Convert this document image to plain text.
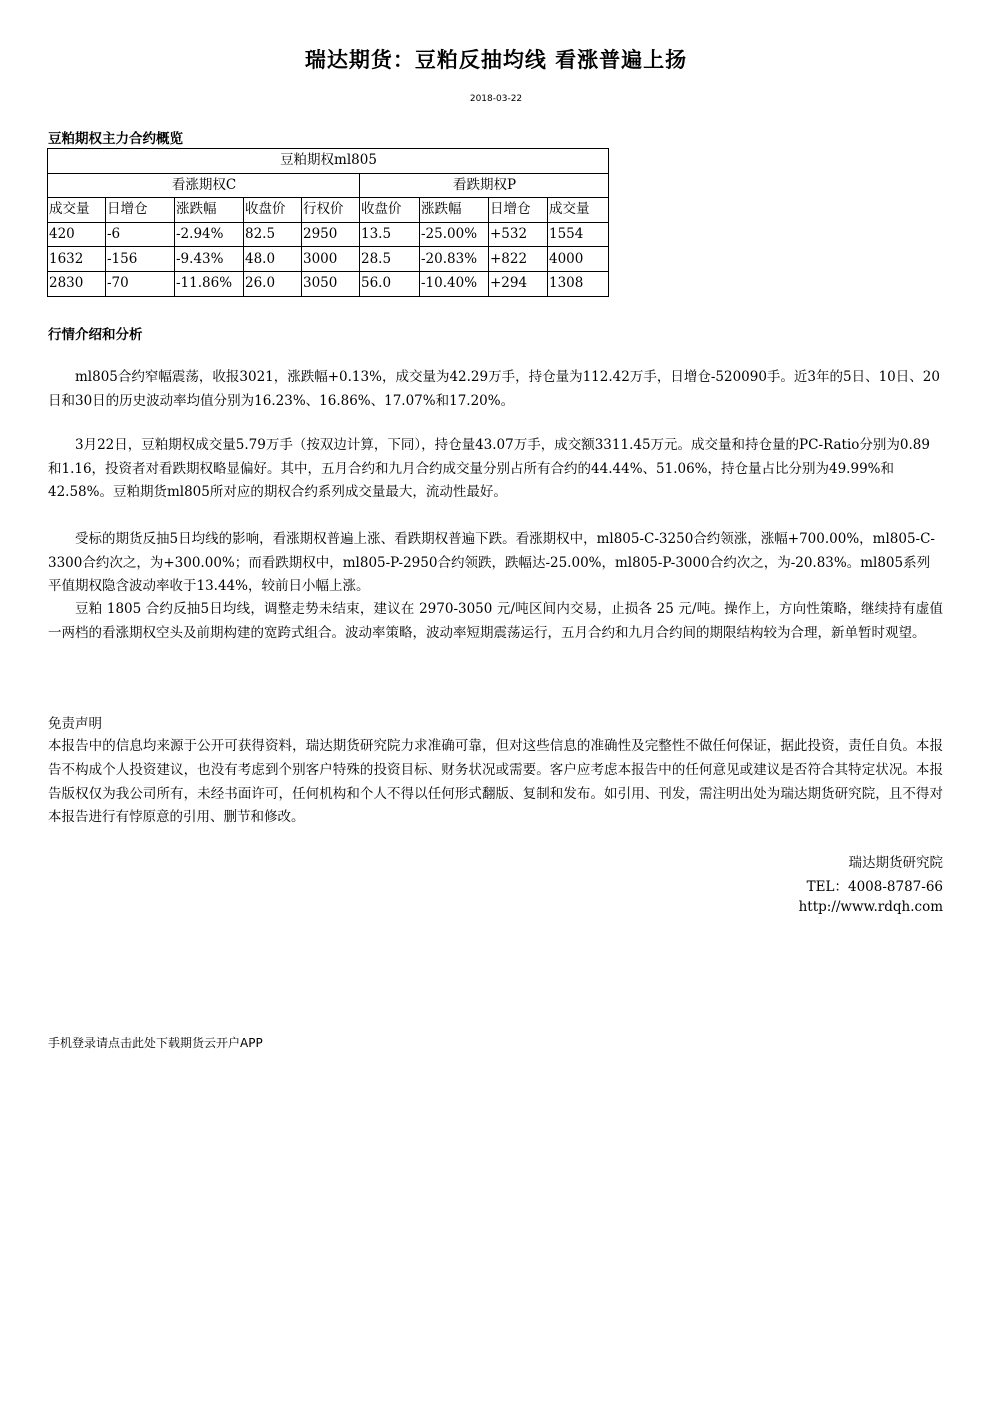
瑞达期货：豆粕反抽均线 看涨普遍上扬
2018-03-22
豆粕期权主力合约概览
豆粕期权ml805								
看涨期权C					看跌期权P			
成交量	日增仓	涨跌幅	收盘价	行权价	收盘价	涨跌幅	日增仓	成交量
420	-6	-2.94%	82.5	2950	13.5	-25.00%	+532	1554
1632	-156	-9.43%	48.0	3000	28.5	-20.83%	+822	4000
2830	-70	-11.86%	26.0	3050	56.0	-10.40%	+294	1308
行情介绍和分析
ml805合约窄幅震荡，收报3021，涨跌幅+0.13%，成交量为42.29万手，持仓量为112.42万手，日增仓-520090手。近3年的5日、10日、20日和30日的历史波动率均值分别为16.23%、16.86%、17.07%和17.20%。
3月22日，豆粕期权成交量5.79万手（按双边计算，下同），持仓量43.07万手，成交额3311.45万元。成交量和持仓量的PC-Ratio分别为0.89和1.16，投资者对看跌期权略显偏好。其中，五月合约和九月合约成交量分别占所有合约的44.44%、51.06%，持仓量占比分别为49.99%和42.58%。豆粕期货ml805所对应的期权合约系列成交量最大，流动性最好。
受标的期货反抽5日均线的影响，看涨期权普遍上涨、看跌期权普遍下跌。看涨期权中，ml805-C-3250合约领涨，涨幅+700.00%，ml805-C-3300合约次之，为+300.00%；而看跌期权中，ml805-P-2950合约领跌，跌幅达-25.00%，ml805-P-3000合约次之，为-20.83%。ml805系列平值期权隐含波动率收于13.44%，较前日小幅上涨。
豆粕 1805 合约反抽5日均线，调整走势未结束，建议在 2970-3050 元/吨区间内交易，止损各 25 元/吨。操作上，方向性策略，继续持有虚值一两档的看涨期权空头及前期构建的宽跨式组合。波动率策略，波动率短期震荡运行，五月合约和九月合约间的期限结构较为合理，新单暂时观望。
免责声明
本报告中的信息均来源于公开可获得资料，瑞达期货研究院力求准确可靠，但对这些信息的准确性及完整性不做任何保证，据此投资，责任自负。本报告不构成个人投资建议，也没有考虑到个别客户特殊的投资目标、财务状况或需要。客户应考虑本报告中的任何意见或建议是否符合其特定状况。本报告版权仅为我公司所有，未经书面许可，任何机构和个人不得以任何形式翻版、复制和发布。如引用、刊发，需注明出处为瑞达期货研究院，且不得对本报告进行有悖原意的引用、删节和修改。
瑞达期货研究院
TEL：4008-8787-66
http://www.rdqh.com
手机登录请点击此处下载期货云开户APP
